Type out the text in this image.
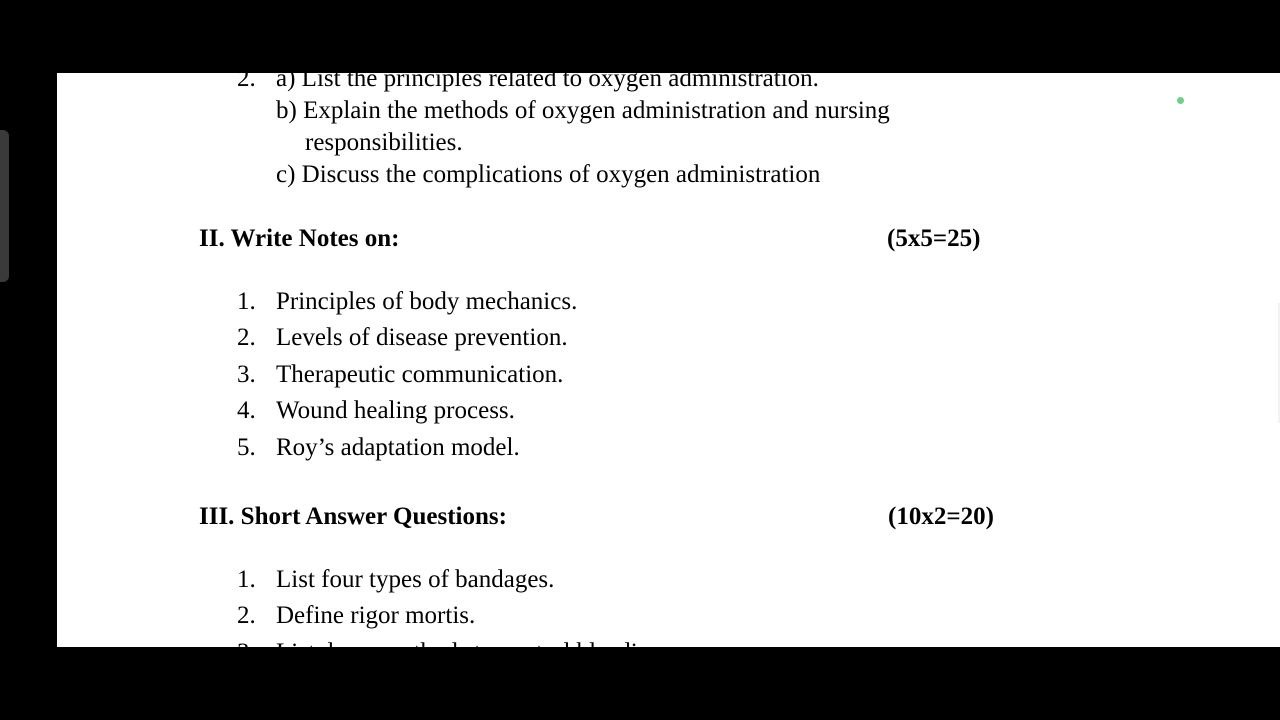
2. a) List the principles related to oxygen administration.
b) Explain the methods of oxygen administration and nursing
responsibilities.
c) Discuss the complications of oxygen administration
II. Write Notes on:	(5x5=25)
1. Principles of body mechanics.
2. Levels of disease prevention.
3. Therapeutic communication.
4. Wound healing process.
5. Roy’s adaptation model.
III. Short Answer Questions:	(10x2=20)
1. List four types of bandages.
2. Define rigor mortis.
3. List down methods to control bleeding.
